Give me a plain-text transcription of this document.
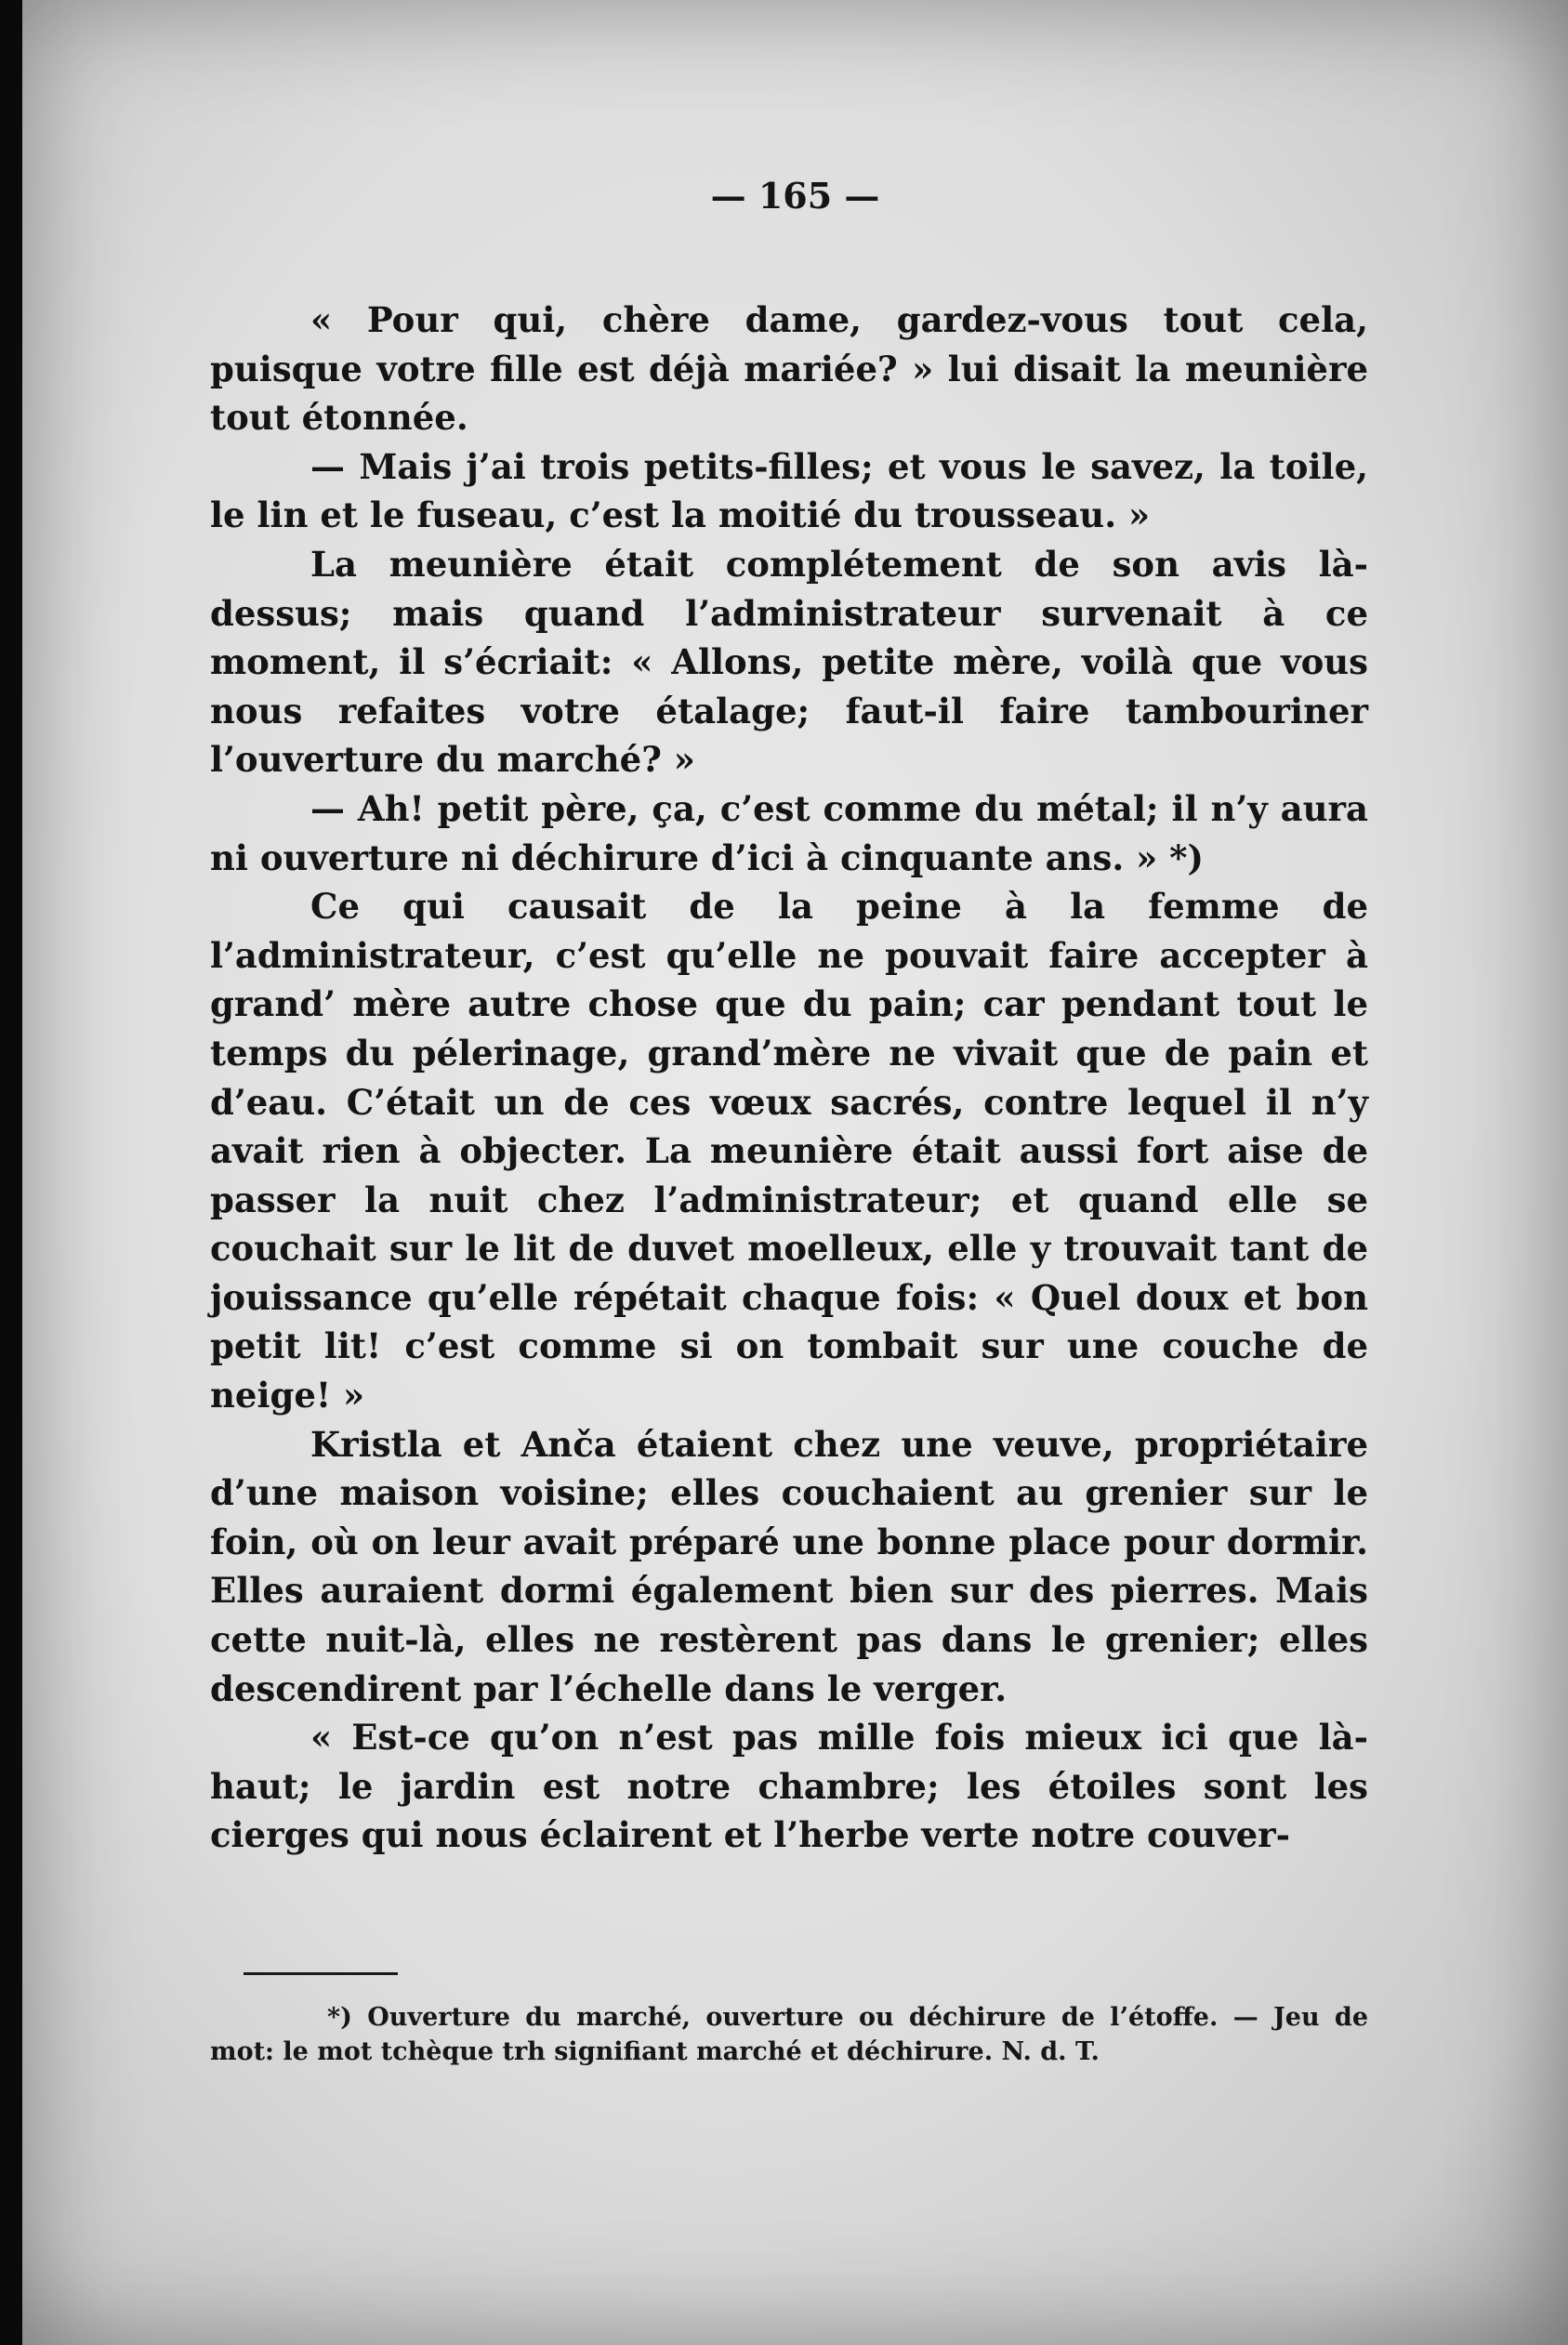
— 165 —

« Pour qui, chère dame, gardez-vous tout cela, puisque votre fille est déjà mariée? » lui disait la meunière tout étonnée.

— Mais j’ai trois petits-filles; et vous le savez, la toile, le lin et le fuseau, c’est la moitié du trousseau. »

La meunière était complétement de son avis là-dessus; mais quand l’administrateur survenait à ce moment, il s’écriait: « Allons, petite mère, voilà que vous nous refaites votre étalage; faut-il faire tambouriner l’ouverture du marché? »

— Ah! petit père, ça, c’est comme du métal; il n’y aura ni ouverture ni déchirure d’ici à cinquante ans. » *)

Ce qui causait de la peine à la femme de l’administrateur, c’est qu’elle ne pouvait faire accepter à grand’ mère autre chose que du pain; car pendant tout le temps du pélerinage, grand’mère ne vivait que de pain et d’eau. C’était un de ces vœux sacrés, contre lequel il n’y avait rien à objecter. La meunière était aussi fort aise de passer la nuit chez l’administrateur; et quand elle se couchait sur le lit de duvet moelleux, elle y trouvait tant de jouissance qu’elle répétait chaque fois: « Quel doux et bon petit lit! c’est comme si on tombait sur une couche de neige! »

Kristla et Anča étaient chez une veuve, propriétaire d’une maison voisine; elles couchaient au grenier sur le foin, où on leur avait préparé une bonne place pour dormir. Elles auraient dormi également bien sur des pierres. Mais cette nuit-là, elles ne restèrent pas dans le grenier; elles descendirent par l’échelle dans le verger.

« Est-ce qu’on n’est pas mille fois mieux ici que là-haut; le jardin est notre chambre; les étoiles sont les cierges qui nous éclairent et l’herbe verte notre couver-

*) Ouverture du marché, ouverture ou déchirure de l’étoffe. — Jeu de mot: le mot tchèque trh signifiant marché et déchirure. N. d. T.
